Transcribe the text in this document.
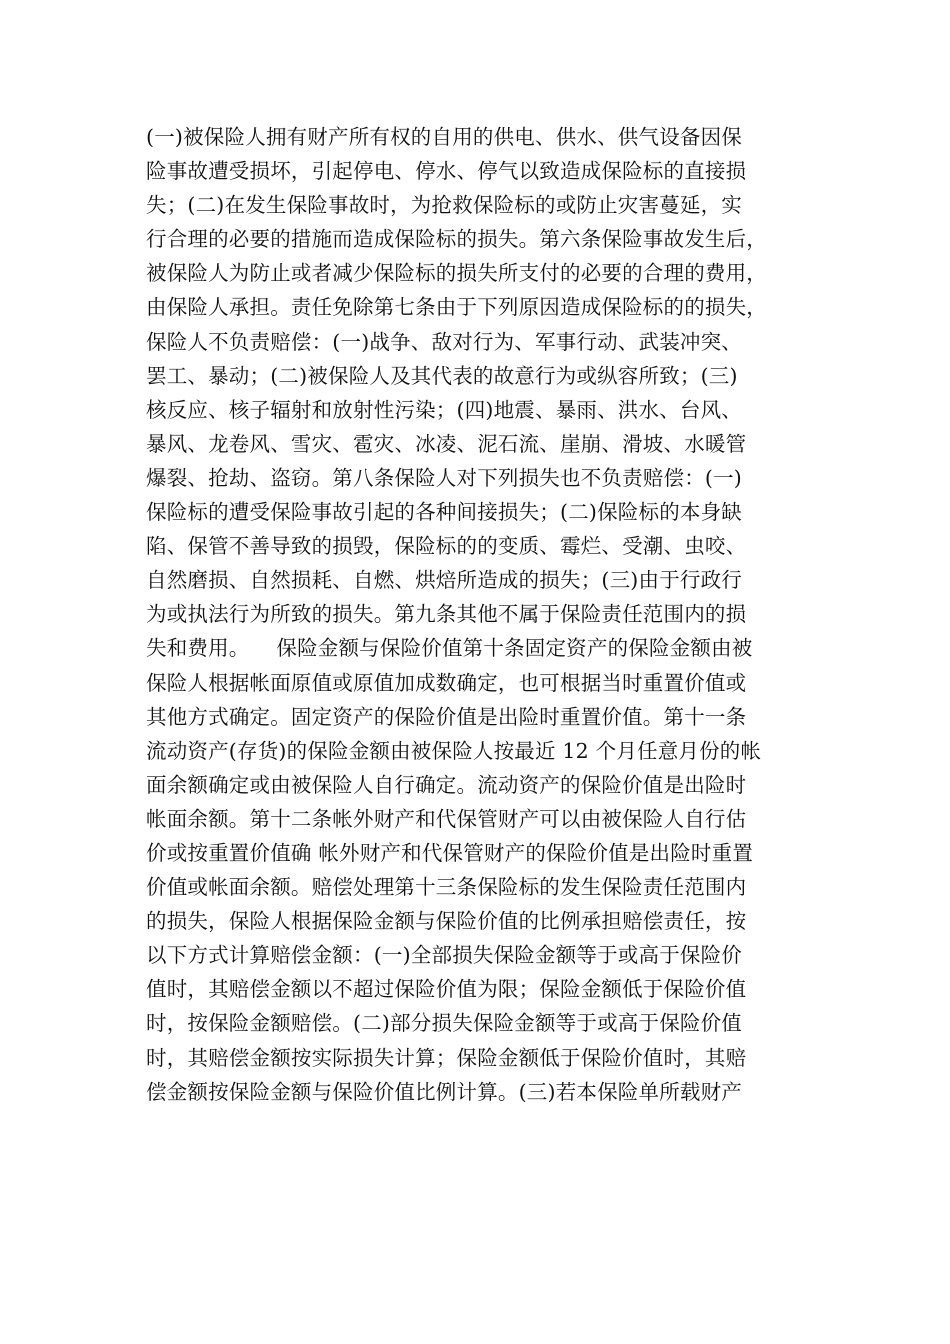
(一)被保险人拥有财产所有权的自用的供电、供水、供气设备因保
险事故遭受损坏，引起停电、停水、停气以致造成保险标的直接损
失；(二)在发生保险事故时，为抢救保险标的或防止灾害蔓延，实
行合理的必要的措施而造成保险标的损失。第六条保险事故发生后，
被保险人为防止或者减少保险标的损失所支付的必要的合理的费用，
由保险人承担。责任免除第七条由于下列原因造成保险标的的损失，
保险人不负责赔偿：(一)战争、敌对行为、军事行动、武装冲突、
罢工、暴动；(二)被保险人及其代表的故意行为或纵容所致；(三)
核反应、核子辐射和放射性污染；(四)地震、暴雨、洪水、台风、
暴风、龙卷风、雪灾、雹灾、冰凌、泥石流、崖崩、滑坡、水暖管
爆裂、抢劫、盗窃。第八条保险人对下列损失也不负责赔偿：(一)
保险标的遭受保险事故引起的各种间接损失；(二)保险标的本身缺
陷、保管不善导致的损毁，保险标的的变质、霉烂、受潮、虫咬、
自然磨损、自然损耗、自燃、烘焙所造成的损失；(三)由于行政行
为或执法行为所致的损失。第九条其他不属于保险责任范围内的损
失和费用。    保险金额与保险价值第十条固定资产的保险金额由被
保险人根据帐面原值或原值加成数确定，也可根据当时重置价值或
其他方式确定。固定资产的保险价值是出险时重置价值。第十一条
流动资产(存货)的保险金额由被保险人按最近 12 个月任意月份的帐
面余额确定或由被保险人自行确定。流动资产的保险价值是出险时
帐面余额。第十二条帐外财产和代保管财产可以由被保险人自行估
价或按重置价值确 帐外财产和代保管财产的保险价值是出险时重置
价值或帐面余额。赔偿处理第十三条保险标的发生保险责任范围内
的损失，保险人根据保险金额与保险价值的比例承担赔偿责任，按
以下方式计算赔偿金额：(一)全部损失保险金额等于或高于保险价
值时，其赔偿金额以不超过保险价值为限；保险金额低于保险价值
时，按保险金额赔偿。(二)部分损失保险金额等于或高于保险价值
时，其赔偿金额按实际损失计算；保险金额低于保险价值时，其赔
偿金额按保险金额与保险价值比例计算。(三)若本保险单所载财产
